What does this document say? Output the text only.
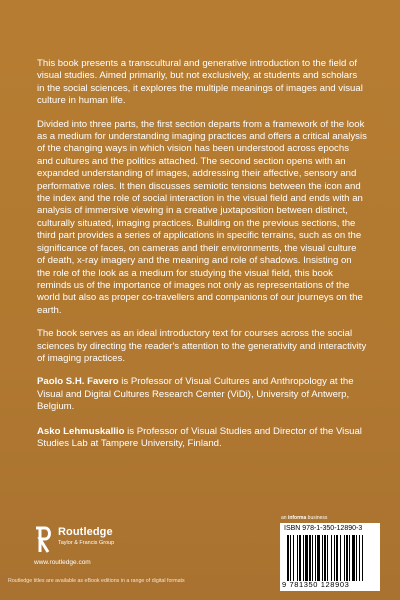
This book presents a transcultural and generative introduction to the field of visual studies. Aimed primarily, but not exclusively, at students and scholars in the social sciences, it explores the multiple meanings of images and visual culture in human life.

Divided into three parts, the first section departs from a framework of the look as a medium for understanding imaging practices and offers a critical analysis of the changing ways in which vision has been understood across epochs and cultures and the politics attached. The second section opens with an expanded understanding of images, addressing their affective, sensory and performative roles. It then discusses semiotic tensions between the icon and the index and the role of social interaction in the visual field and ends with an analysis of immersive viewing in a creative juxtaposition between distinct, culturally situated, imaging practices. Building on the previous sections, the third part provides a series of applications in specific terrains, such as on the significance of faces, on cameras and their environments, the visual culture of death, x-ray imagery and the meaning and role of shadows. Insisting on the role of the look as a medium for studying the visual field, this book reminds us of the importance of images not only as representations of the world but also as proper co-travellers and companions of our journeys on the earth.

The book serves as an ideal introductory text for courses across the social sciences by directing the reader's attention to the generativity and interactivity of imaging practices.

Paolo S.H. Favero is Professor of Visual Cultures and Anthropology at the Visual and Digital Cultures Research Center (ViDi), University of Antwerp, Belgium.

Asko Lehmuskallio is Professor of Visual Studies and Director of the Visual Studies Lab at Tampere University, Finland.

Routledge
Taylor & Francis Group
www.routledge.com
Routledge titles are available as eBook editions in a range of digital formats
an informa business
ISBN 978-1-350-12890-3
9 781350 128903
